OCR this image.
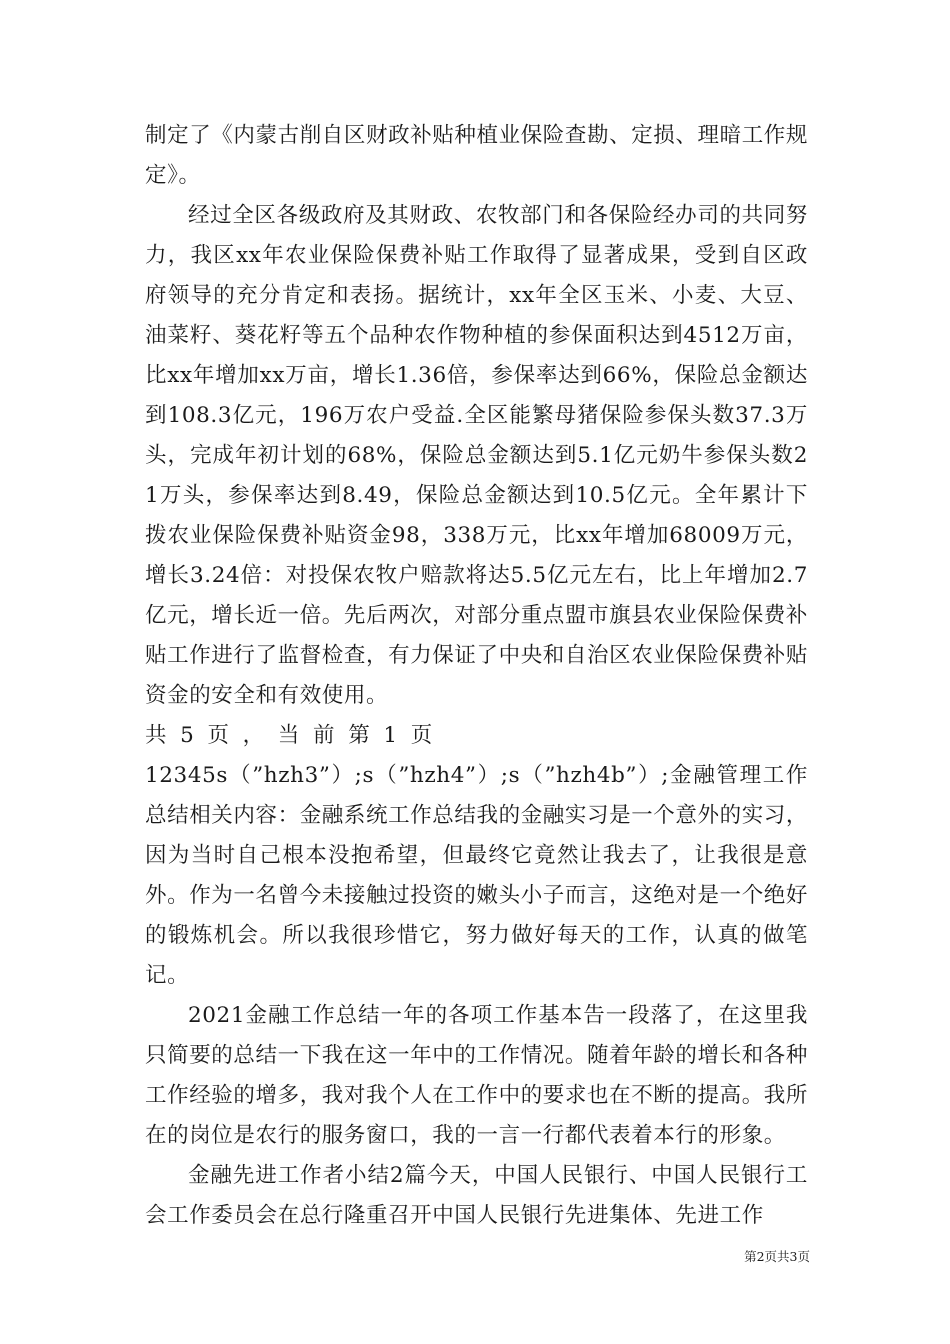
制定了《内蒙古削自区财政补贴种植业保险查勘、定损、理暗工作规定》。

经过全区各级政府及其财政、农牧部门和各保险经办司的共同努力，我区xx年农业保险保费补贴工作取得了显著成果，受到自区政府领导的充分肯定和表扬。据统计，xx年全区玉米、小麦、大豆、油菜籽、葵花籽等五个品种农作物种植的参保面积达到4512万亩，比xx年增加xx万亩，增长1.36倍，参保率达到66%，保险总金额达到108.3亿元，196万农户受益.全区能繁母猪保险参保头数37.3万头，完成年初计划的68%，保险总金额达到5.1亿元奶牛参保头数21万头，参保率达到8.49，保险总金额达到10.5亿元。全年累计下拨农业保险保费补贴资金98，338万元，比xx年增加68009万元，增长3.24倍：对投保农牧户赔款将达5.5亿元左右，比上年增加2.7亿元，增长近一倍。先后两次，对部分重点盟市旗县农业保险保费补贴工作进行了监督检查，有力保证了中央和自治区农业保险保费补贴资金的安全和有效使用。

共  5  页  ，  当  前  第  1  页

12345s（”hzh3”）;s（”hzh4”）;s（”hzh4b”）;金融管理工作总结相关内容：金融系统工作总结我的金融实习是一个意外的实习，因为当时自己根本没抱希望，但最终它竟然让我去了，让我很是意外。作为一名曾今未接触过投资的嫩头小子而言，这绝对是一个绝好的锻炼机会。所以我很珍惜它，努力做好每天的工作，认真的做笔记。

2021金融工作总结一年的各项工作基本告一段落了，在这里我只简要的总结一下我在这一年中的工作情况。随着年龄的增长和各种工作经验的增多，我对我个人在工作中的要求也在不断的提高。我所在的岗位是农行的服务窗口，我的一言一行都代表着本行的形象。

金融先进工作者小结2篇今天，中国人民银行、中国人民银行工会工作委员会在总行隆重召开中国人民银行先进集体、先进工作

第2页共3页
